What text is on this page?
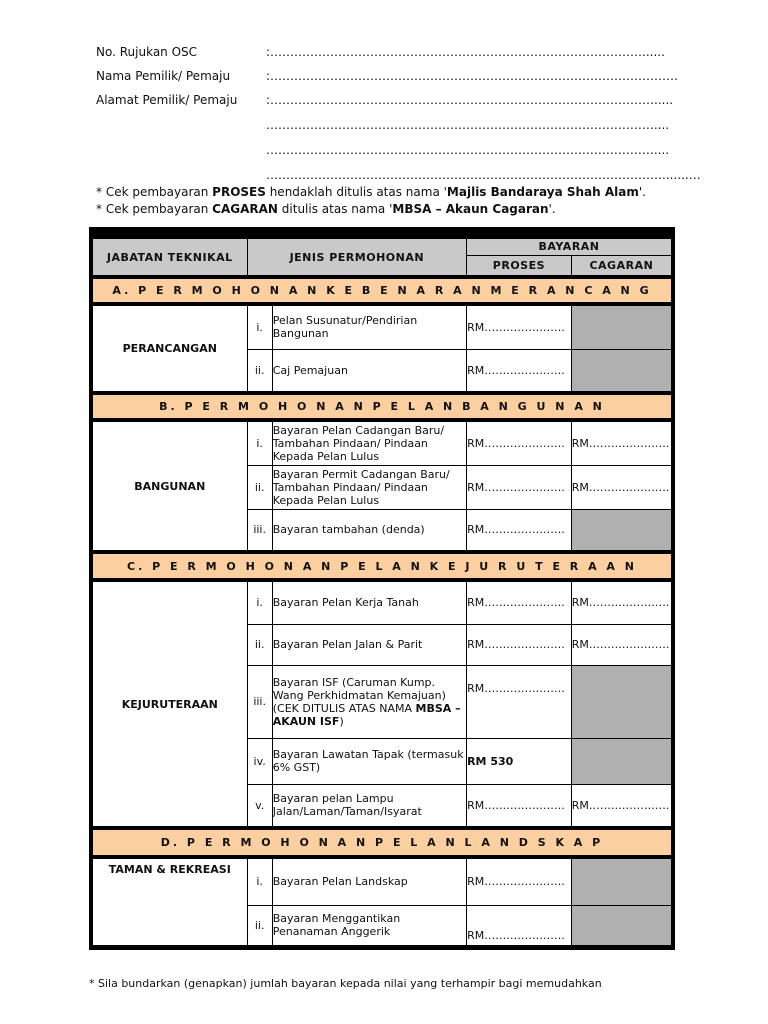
No. Rujukan OSC	:…………………………………………………………………………………......
Nama Pemilik/ Pemaju	:…………………………………………………………………………………………
Alamat Pemilik/ Pemaju :…………………………………………………………………………………….....
……………………………………………………………………….……………....
…………………………………………………………………….………………....
……………………………………………………………………………………….......…
* Cek pembayaran PROSES hendaklah ditulis atas nama 'Majlis Bandaraya Shah Alam'.
* Cek pembayaran CAGARAN ditulis atas nama 'MBSA – Akaun Cagaran'.
JABATAN TEKNIKAL	JENIS PERMOHONAN		BAYARAN	
			PROSES	CAGARAN
A. P E R M O H O N A N K E B E N A R A N M E R A N C A N G				
PERANCANGAN	i.	Pelan Susunatur/Pendirian Bangunan	RM………………….	
	ii.	Caj Pemajuan	RM………………….	
B. P E R M O H O N A N P E L A N B A N G U N A N				
BANGUNAN	i.	Bayaran Pelan Cadangan Baru/ Tambahan Pindaan/ Pindaan Kepada Pelan Lulus	RM………………….	RM………………….
	ii.	Bayaran Permit Cadangan Baru/ Tambahan Pindaan/ Pindaan Kepada Pelan Lulus	RM………………….	RM………………….
	iii.	Bayaran tambahan (denda)	RM………………….	
C. P E R M O H O N A N P E L A N K E J U R U T E R A A N				
KEJURUTERAAN	i.	Bayaran Pelan Kerja Tanah	RM………………….	RM………………….
	ii.	Bayaran Pelan Jalan & Parit	RM………………….	RM………………….
	iii.	Bayaran ISF (Caruman Kump. Wang Perkhidmatan Kemajuan)
(CEK DITULIS ATAS NAMA MBSA – AKAUN ISF)	RM………………….	
	iv.	Bayaran Lawatan Tapak (termasuk 6% GST)	RM 530	
	v.	Bayaran pelan Lampu Jalan/Laman/Taman/Isyarat	RM………………….	RM………………….
D. P E R M O H O N A N P E L A N L A N D S K A P				
TAMAN & REKREASI	i.	Bayaran Pelan Landskap	RM………………….	
	ii.	Bayaran Menggantikan Penanaman Anggerik	RM………………….	
* Sila bundarkan (genapkan) jumlah bayaran kepada nilai yang terhampir bagi memudahkan
